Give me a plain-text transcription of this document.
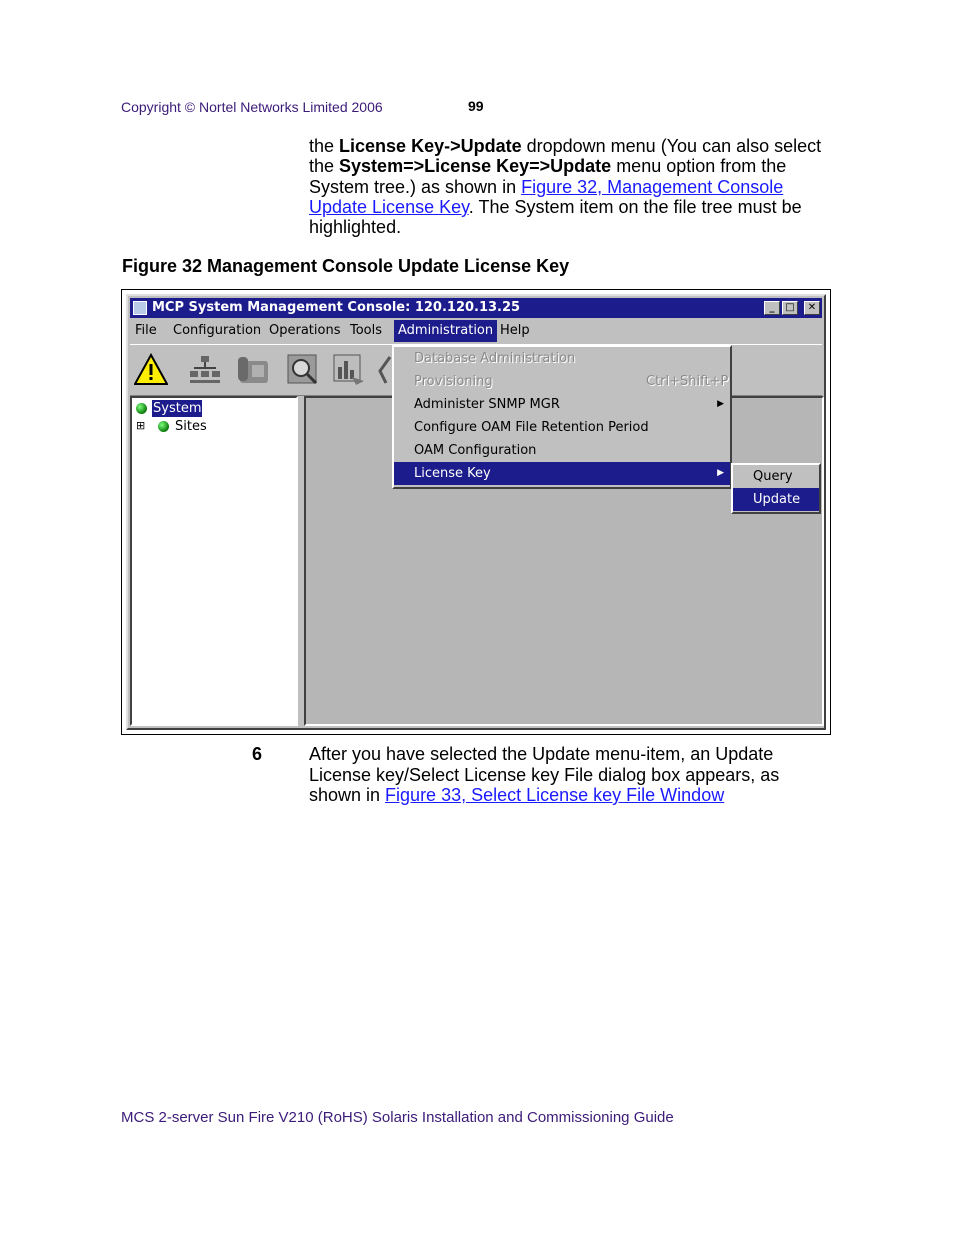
Copyright © Nortel Networks Limited 2006	99
the License Key->Update dropdown menu (You can also select the System=>License Key=>Update menu option from the System tree.) as shown in Figure 32, Management Console Update License Key. The System item on the file tree must be highlighted.
Figure 32 Management Console Update License Key
MCP System Management Console: 120.120.13.25	_	□	✕
File Configuration Operations Tools	Administration Help
System
⊞ Sites
Database Administration
Provisioning	Ctrl+Shift+P
Administer SNMP MGR	▶
Configure OAM File Retention Period
OAM Configuration
License Key	▶	Query
Update
6	After you have selected the Update menu-item, an Update License key/Select License key File dialog box appears, as shown in Figure 33, Select License key File Window
MCS 2-server Sun Fire V210 (RoHS) Solaris Installation and Commissioning Guide
